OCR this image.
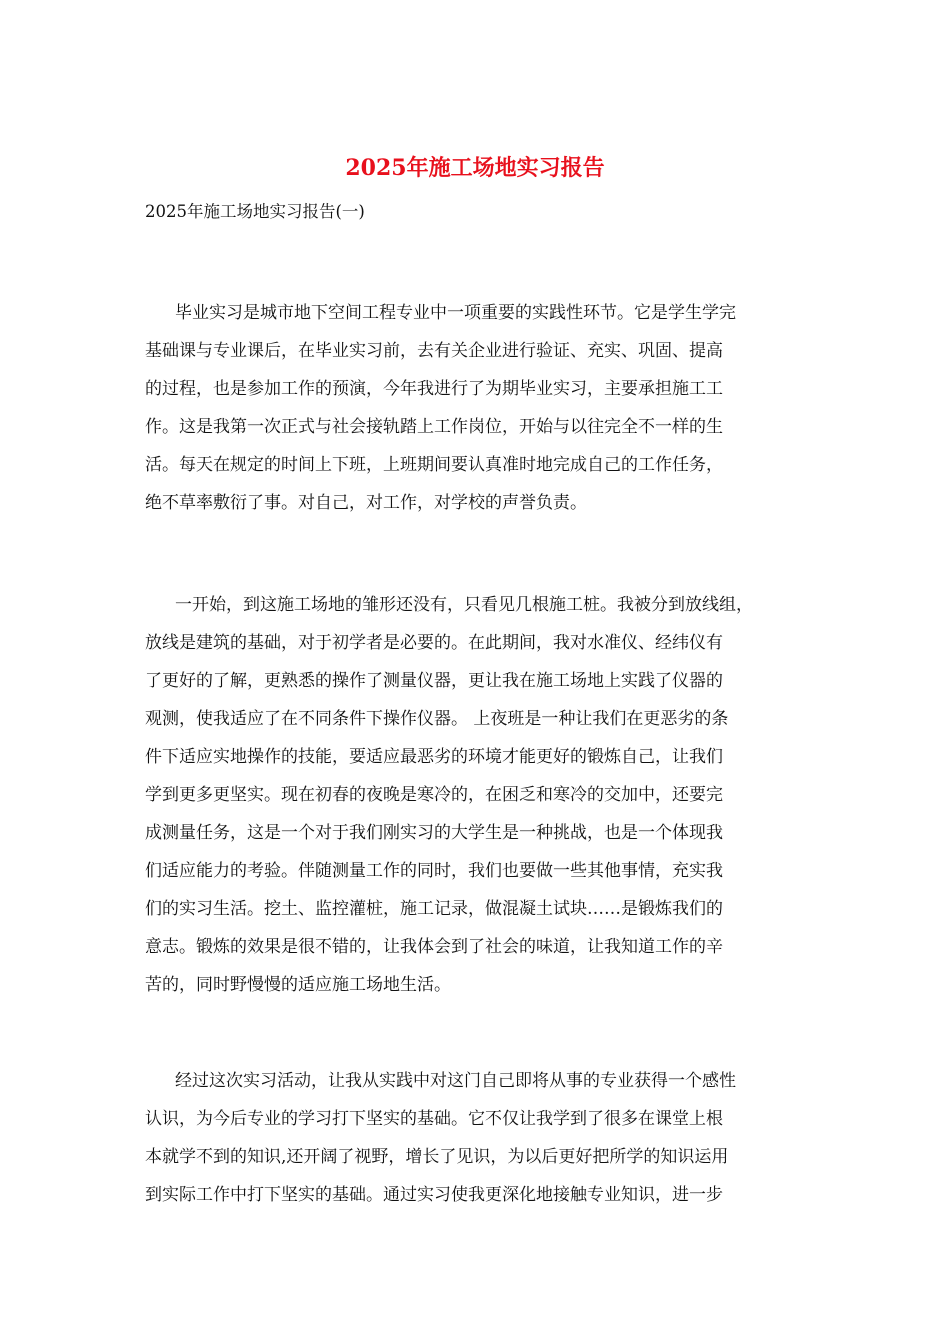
2025年施工场地实习报告
2025年施工场地实习报告(一)
毕业实习是城市地下空间工程专业中一项重要的实践性环节。它是学生学完
基础课与专业课后，在毕业实习前，去有关企业进行验证、充实、巩固、提高
的过程，也是参加工作的预演，今年我进行了为期毕业实习，主要承担施工工
作。这是我第一次正式与社会接轨踏上工作岗位，开始与以往完全不一样的生
活。每天在规定的时间上下班，上班期间要认真准时地完成自己的工作任务，
绝不草率敷衍了事。对自己，对工作，对学校的声誉负责。
一开始，到这施工场地的雏形还没有，只看见几根施工桩。我被分到放线组，
放线是建筑的基础，对于初学者是必要的。在此期间，我对水准仪、经纬仪有
了更好的了解，更熟悉的操作了测量仪器，更让我在施工场地上实践了仪器的
观测，使我适应了在不同条件下操作仪器。 上夜班是一种让我们在更恶劣的条
件下适应实地操作的技能，要适应最恶劣的环境才能更好的锻炼自己，让我们
学到更多更坚实。现在初春的夜晚是寒冷的，在困乏和寒冷的交加中，还要完
成测量任务，这是一个对于我们刚实习的大学生是一种挑战，也是一个体现我
们适应能力的考验。伴随测量工作的同时，我们也要做一些其他事情，充实我
们的实习生活。挖土、监控灌桩，施工记录，做混凝土试块……是锻炼我们的
意志。锻炼的效果是很不错的，让我体会到了社会的味道，让我知道工作的辛
苦的，同时野慢慢的适应施工场地生活。
经过这次实习活动，让我从实践中对这门自己即将从事的专业获得一个感性
认识，为今后专业的学习打下坚实的基础。它不仅让我学到了很多在课堂上根
本就学不到的知识,还开阔了视野，增长了见识，为以后更好把所学的知识运用
到实际工作中打下坚实的基础。通过实习使我更深化地接触专业知识，进一步
